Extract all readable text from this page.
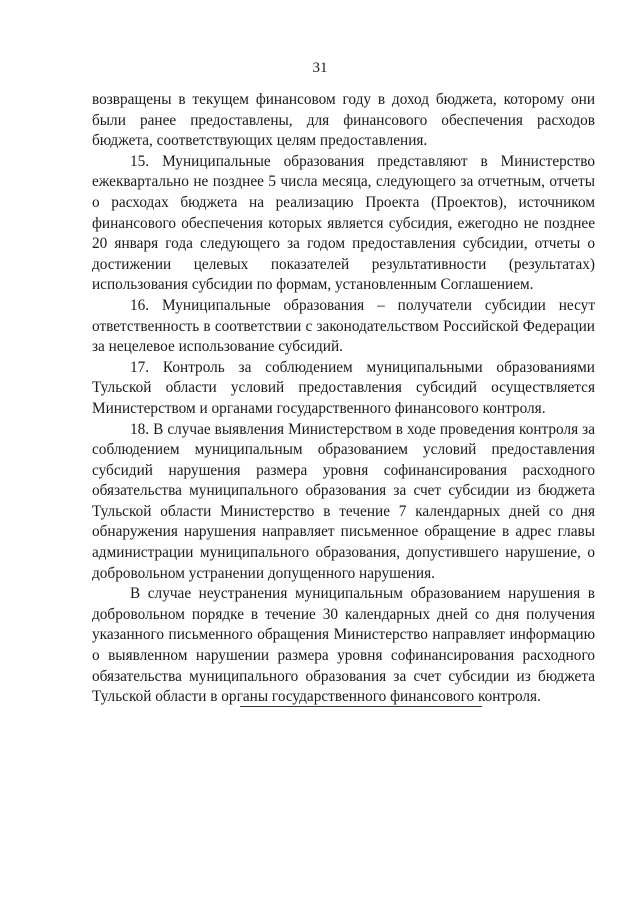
31

возвращены в текущем финансовом году в доход бюджета, которому они были ранее предоставлены, для финансового обеспечения расходов бюджета, соответствующих целям предоставления.

15. Муниципальные образования представляют в Министерство ежеквартально не позднее 5 числа месяца, следующего за отчетным, отчеты о расходах бюджета на реализацию Проекта (Проектов), источником финансового обеспечения которых является субсидия, ежегодно не позднее 20 января года следующего за годом предоставления субсидии, отчеты о достижении целевых показателей результативности (результатах) использования субсидии по формам, установленным Соглашением.

16. Муниципальные образования – получатели субсидии несут ответственность в соответствии с законодательством Российской Федерации за нецелевое использование субсидий.

17. Контроль за соблюдением муниципальными образованиями Тульской области условий предоставления субсидий осуществляется Министерством и органами государственного финансового контроля.

18. В случае выявления Министерством в ходе проведения контроля за соблюдением муниципальным образованием условий предоставления субсидий нарушения размера уровня софинансирования расходного обязательства муниципального образования за счет субсидии из бюджета Тульской области Министерство в течение 7 календарных дней со дня обнаружения нарушения направляет письменное обращение в адрес главы администрации муниципального образования, допустившего нарушение, о добровольном устранении допущенного нарушения.

В случае неустранения муниципальным образованием нарушения в добровольном порядке в течение 30 календарных дней со дня получения указанного письменного обращения Министерство направляет информацию о выявленном нарушении размера уровня софинансирования расходного обязательства муниципального образования за счет субсидии из бюджета Тульской области в органы государственного финансового контроля.
